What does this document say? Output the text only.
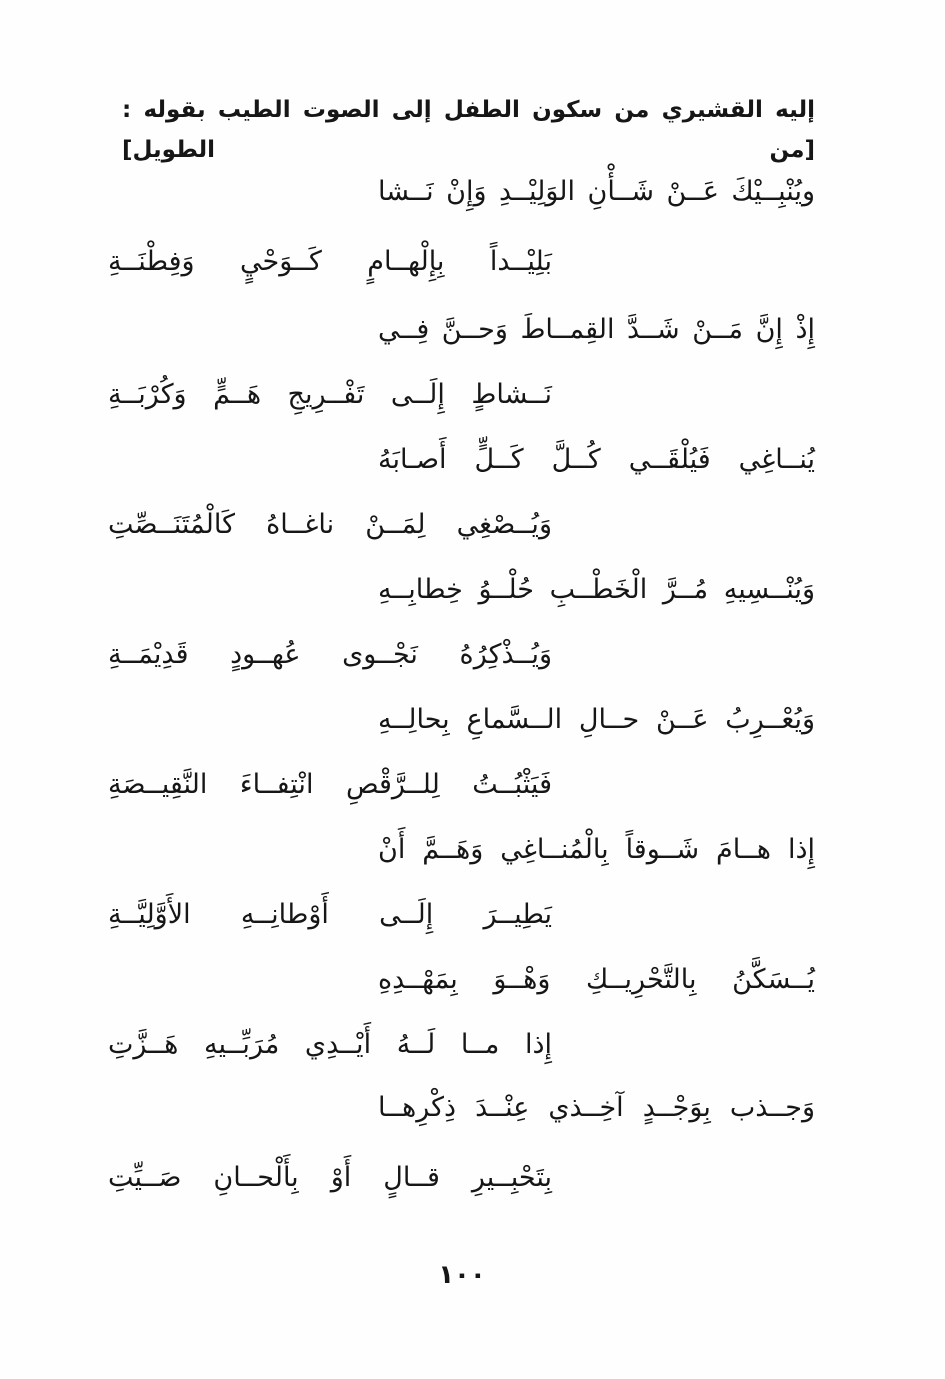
إليه القشيري من سكون الطفل إلى الصوت الطيب بقوله : [من الطويل]
ويُنْبِــيْكَ عَــنْ شَــأْنِ الوَلِيْــدِ وَإِنْ نَــشا
بَلِيْــداً بِإِلْهــامٍ كَــوَحْيٍ وَفِطْنَــةِ
إِذْ إِنَّ مَــنْ شَــدَّ القِمــاطَ وَحــنَّ فِــي
نَــشاطٍ إِلَــى تَفْــرِيجِ هَــمٍّ وَكُرْبَــةِ
يُنــاغِي فَيُلْقَــي كُــلَّ كَــلٍّ أَصـابَهُ
وَيُــصْغِي لِمَــنْ ناغــاهُ كَالْمُتَنَــصِّتِ
وَيُنْــسِيهِ مُــرَّ الْخَطْــبِ حُلْــوُ خِطابِــهِ
وَيُــذْكِرُهُ نَجْــوى عُهــودٍ قَدِيْمَــةِ
وَيُعْــرِبُ عَــنْ حــالِ الــسَّماعِ بِحالِــهِ
فَيَثْبُــتُ لِلــرَّقْصِ انْتِفــاءَ النَّقِيــصَةِ
إِذا هــامَ شَــوقاً بِالْمُنــاغِي وَهَــمَّ أَنْ
يَطِيــرَ إِلَــى أَوْطانِــهِ الأَوَّلِيَّــةِ
يُــسَكَّنُ بِالتَّحْرِيــكِ وَهْــوَ بِمَهْــدِهِ
إِذا مــا لَــهُ أَيْــدِي مُرَبِّــيهِ هَــزَّتِ
وَجــذب بِوَجْــدٍ آخِــذي عِنْــدَ ذِكْرِهــا
بِتَحْبِــيرِ قــالٍ أَوْ بِأَلْحــانِ صَــيِّتِ
١٠٠
